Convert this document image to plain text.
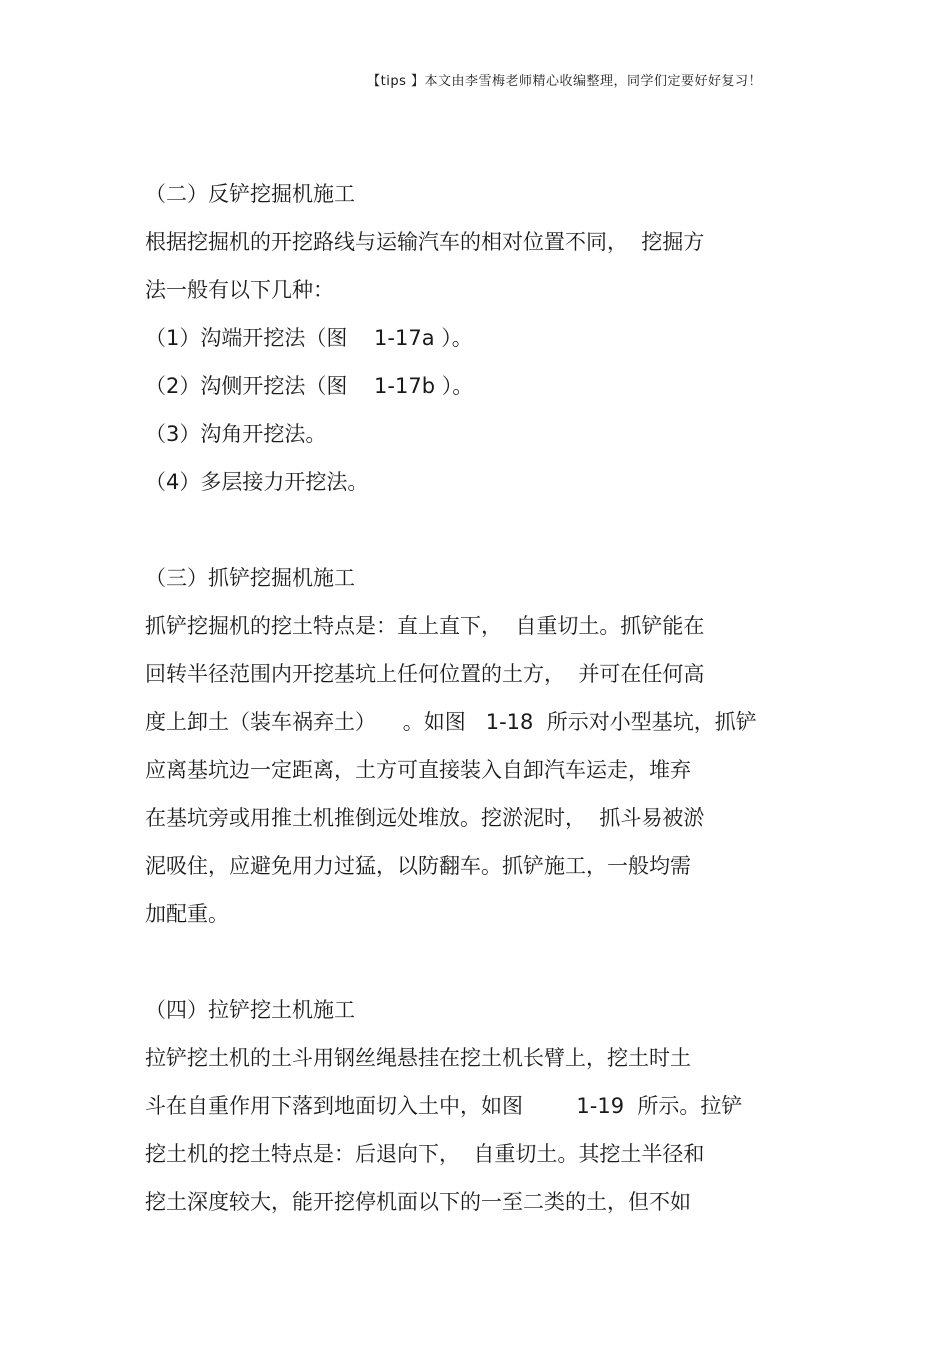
【tips 】本文由李雪梅老师精心收编整理，同学们定要好好复习！
（二）反铲挖掘机施工
根据挖掘机的开挖路线与运输汽车的相对位置不同，  挖掘方
法一般有以下几种：
（1）沟端开挖法（图    1-17a ）。
（2）沟侧开挖法（图    1-17b ）。
（3）沟角开挖法。
（4）多层接力开挖法。
（三）抓铲挖掘机施工
抓铲挖掘机的挖土特点是：直上直下，  自重切土。抓铲能在
回转半径范围内开挖基坑上任何位置的土方，  并可在任何高
度上卸土（装车祸弃土）    。如图   1-18  所示对小型基坑，抓铲
应离基坑边一定距离，土方可直接装入自卸汽车运走，堆弃
在基坑旁或用推土机推倒远处堆放。挖淤泥时，  抓斗易被淤
泥吸住，应避免用力过猛，以防翻车。抓铲施工，一般均需
加配重。
（四）拉铲挖土机施工
拉铲挖土机的土斗用钢丝绳悬挂在挖土机长臂上，挖土时土
斗在自重作用下落到地面切入土中，如图        1-19  所示。拉铲
挖土机的挖土特点是：后退向下，  自重切土。其挖土半径和
挖土深度较大，能开挖停机面以下的一至二类的土，但不如
